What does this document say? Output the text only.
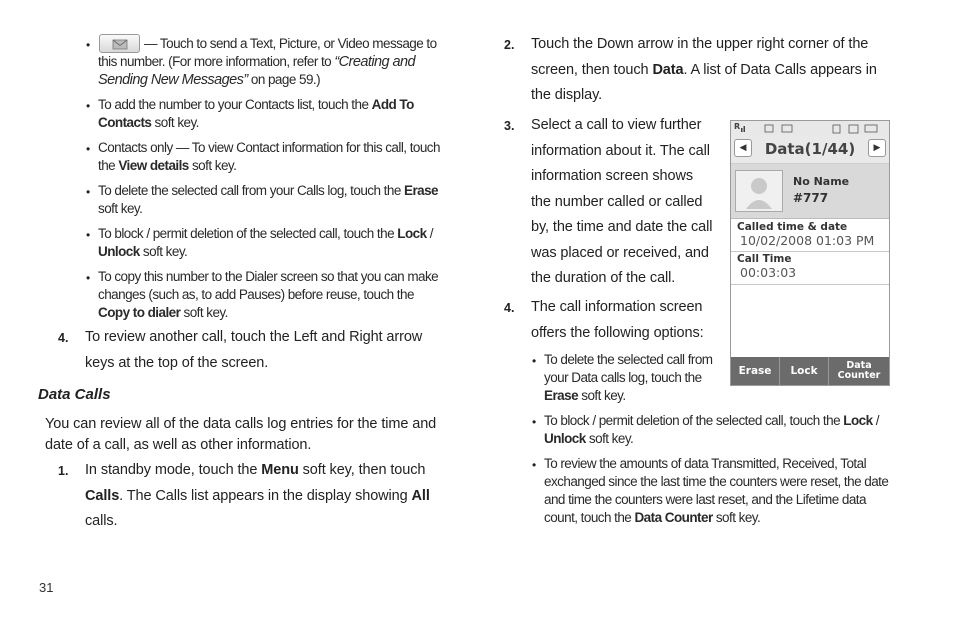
•	— Touch to send a Text, Picture, or Video message to this number. (For more information, refer to “Creating and Sending New Messages” on page 59.)
• To add the number to your Contacts list, touch the Add To Contacts soft key.
• Contacts only — To view Contact information for this call, touch the View details soft key.
• To delete the selected call from your Calls log, touch the Erase soft key.
• To block / permit deletion of the selected call, touch the Lock / Unlock soft key.
• To copy this number to the Dialer screen so that you can make changes (such as, to add Pauses) before reuse, touch the Copy to dialer soft key.
4. To review another call, touch the Left and Right arrow keys at the top of the screen.
Data Calls
You can review all of the data calls log entries for the time and date of a call, as well as other information.
1. In standby mode, touch the Menu soft key, then touch Calls. The Calls list appears in the display showing All calls.
2. Touch the Down arrow in the upper right corner of the screen, then touch Data. A list of Data Calls appears in the display.
3. Select a call to view further information about it. The call information screen shows the number called or called by, the time and date the call was placed or received, and the duration of the call.
4. The call information screen offers the following options:
• To delete the selected call from your Data calls log, touch the Erase soft key.
• To block / permit deletion of the selected call, touch the Lock / Unlock soft key.
• To review the amounts of data Transmitted, Received, Total exchanged since the last time the counters were reset, the date and time the counters were last reset, and the Lifetime data count, touch the Data Counter soft key.
R
◀	Data(1/44)	▶
No Name
#777
Called time & date
10/02/2008 01:03 PM
Call Time
00:03:03
Erase	Lock	Data Counter
31
